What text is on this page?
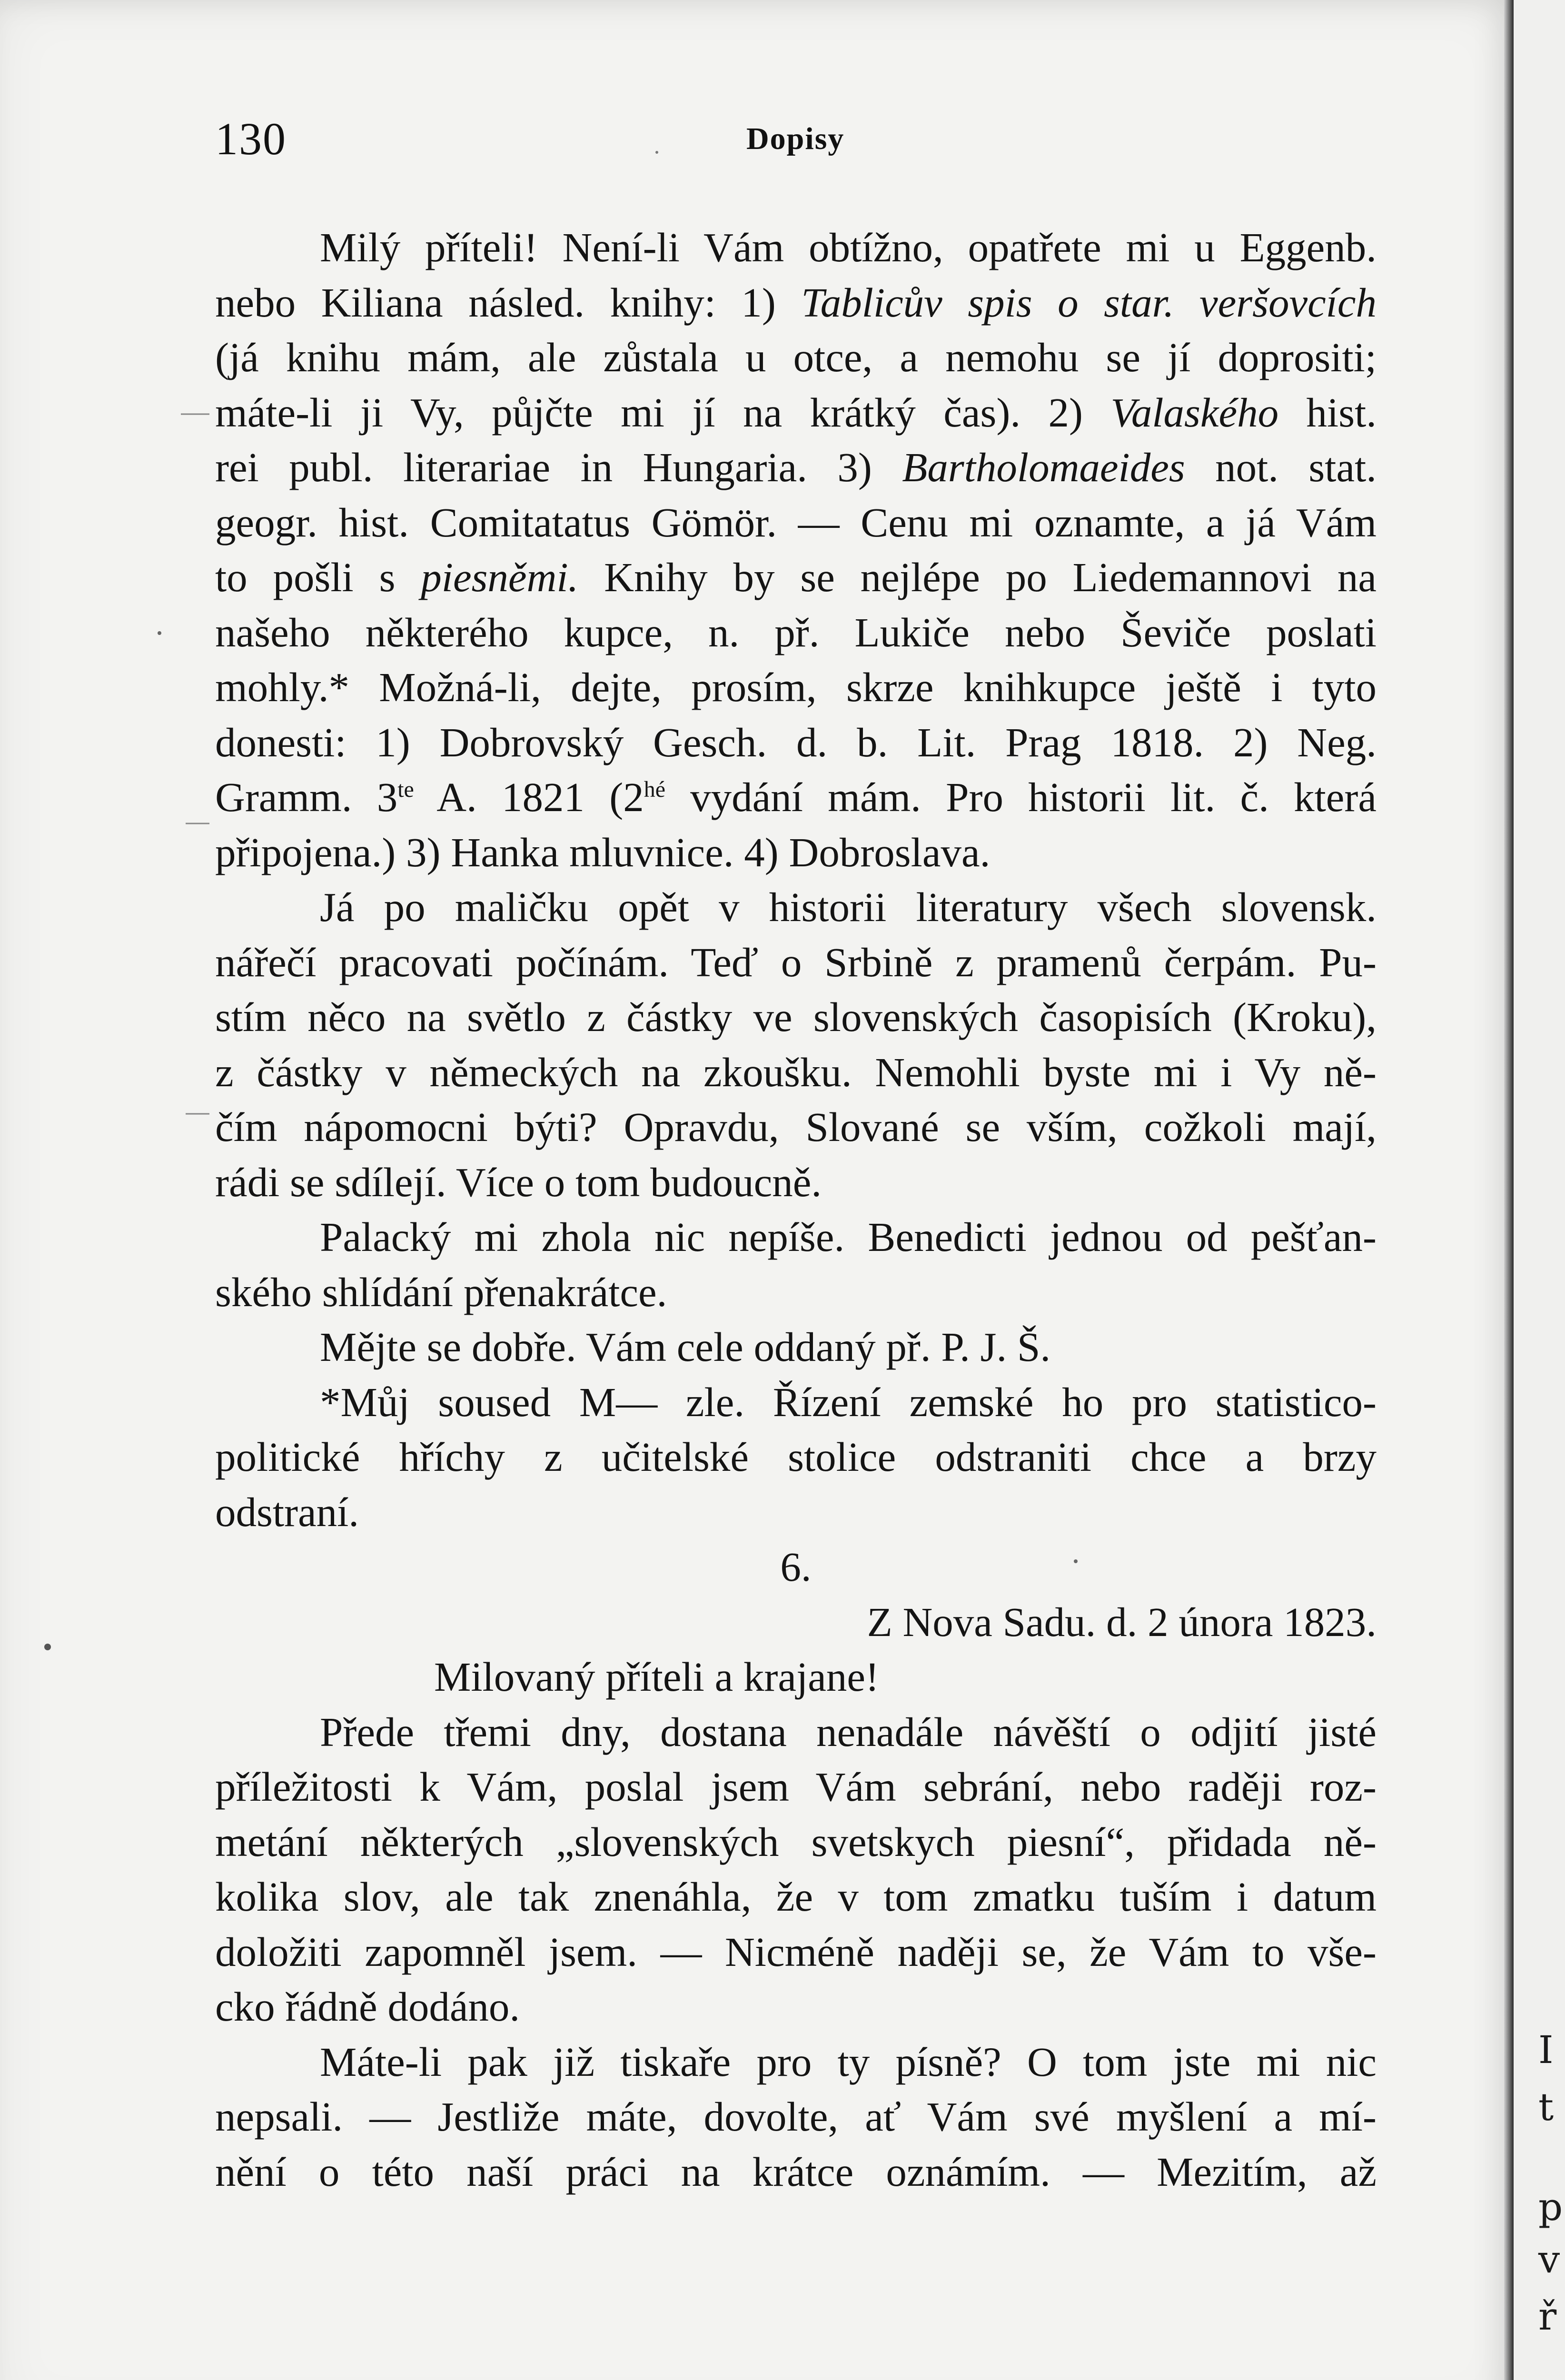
130	Dopisy
Milý příteli! Není-li Vám obtížno, opatřete mi u Eggenb.
nebo Kiliana násled. knihy: 1) Tablicův spis o star. veršovcích
(já knihu mám, ale zůstala u otce, a nemohu se jí doprositi;
máte-li ji Vy, půjčte mi jí na krátký čas). 2) Valaského hist.
rei publ. literariae in Hungaria. 3) Bartholomaeides not. stat.
geogr. hist. Comitatatus Gömör. — Cenu mi oznamte, a já Vám
to pošli s piesněmi. Knihy by se nejlépe po Liedemannovi na
našeho některého kupce, n. př. Lukiče nebo Ševiče poslati
mohly.* Možná-li, dejte, prosím, skrze knihkupce ještě i tyto
donesti: 1) Dobrovský Gesch. d. b. Lit. Prag 1818. 2) Neg.
Gramm. $3^{te}$ A. 1821 ($2^{hé}$ vydání mám. Pro historii lit. č. která
připojena.) 3) Hanka mluvnice. 4) Dobroslava.
Já po maličku opět v historii literatury všech slovensk.
nářečí pracovati počínám. Teď o Srbině z pramenů čerpám. Pu-
stím něco na světlo z částky ve slovenských časopisích (Kroku),
z částky v německých na zkoušku. Nemohli byste mi i Vy ně-
čím nápomocni býti? Opravdu, Slované se vším, cožkoli mají,
rádi se sdílejí. Více o tom budoucně.
Palacký mi zhola nic nepíše. Benedicti jednou od pešťan-
ského shlídání přenakrátce.
Mějte se dobře. Vám cele oddaný př. P. J. Š.
*Můj soused M— zle. Řízení zemské ho pro statistico-
politické hříchy z učitelské stolice odstraniti chce a brzy
odstraní.
6.
Z Nova Sadu. d. 2 února 1823.
Milovaný příteli a krajane!
Přede třemi dny, dostana nenadále návěští o odjití jisté
příležitosti k Vám, poslal jsem Vám sebrání, nebo raději roz-
metání některých „slovenských svetskych piesní“, přidada ně-
kolika slov, ale tak znenáhla, že v tom zmatku tuším i datum
doložiti zapomněl jsem. — Nicméně naději se, že Vám to vše-
cko řádně dodáno.
Máte-li pak již tiskaře pro ty písně? O tom jste mi nic
nepsali. — Jestliže máte, dovolte, ať Vám své myšlení a mí-
nění o této naší práci na krátce oznámím. — Mezitím, až
I
t
p
v
ř
